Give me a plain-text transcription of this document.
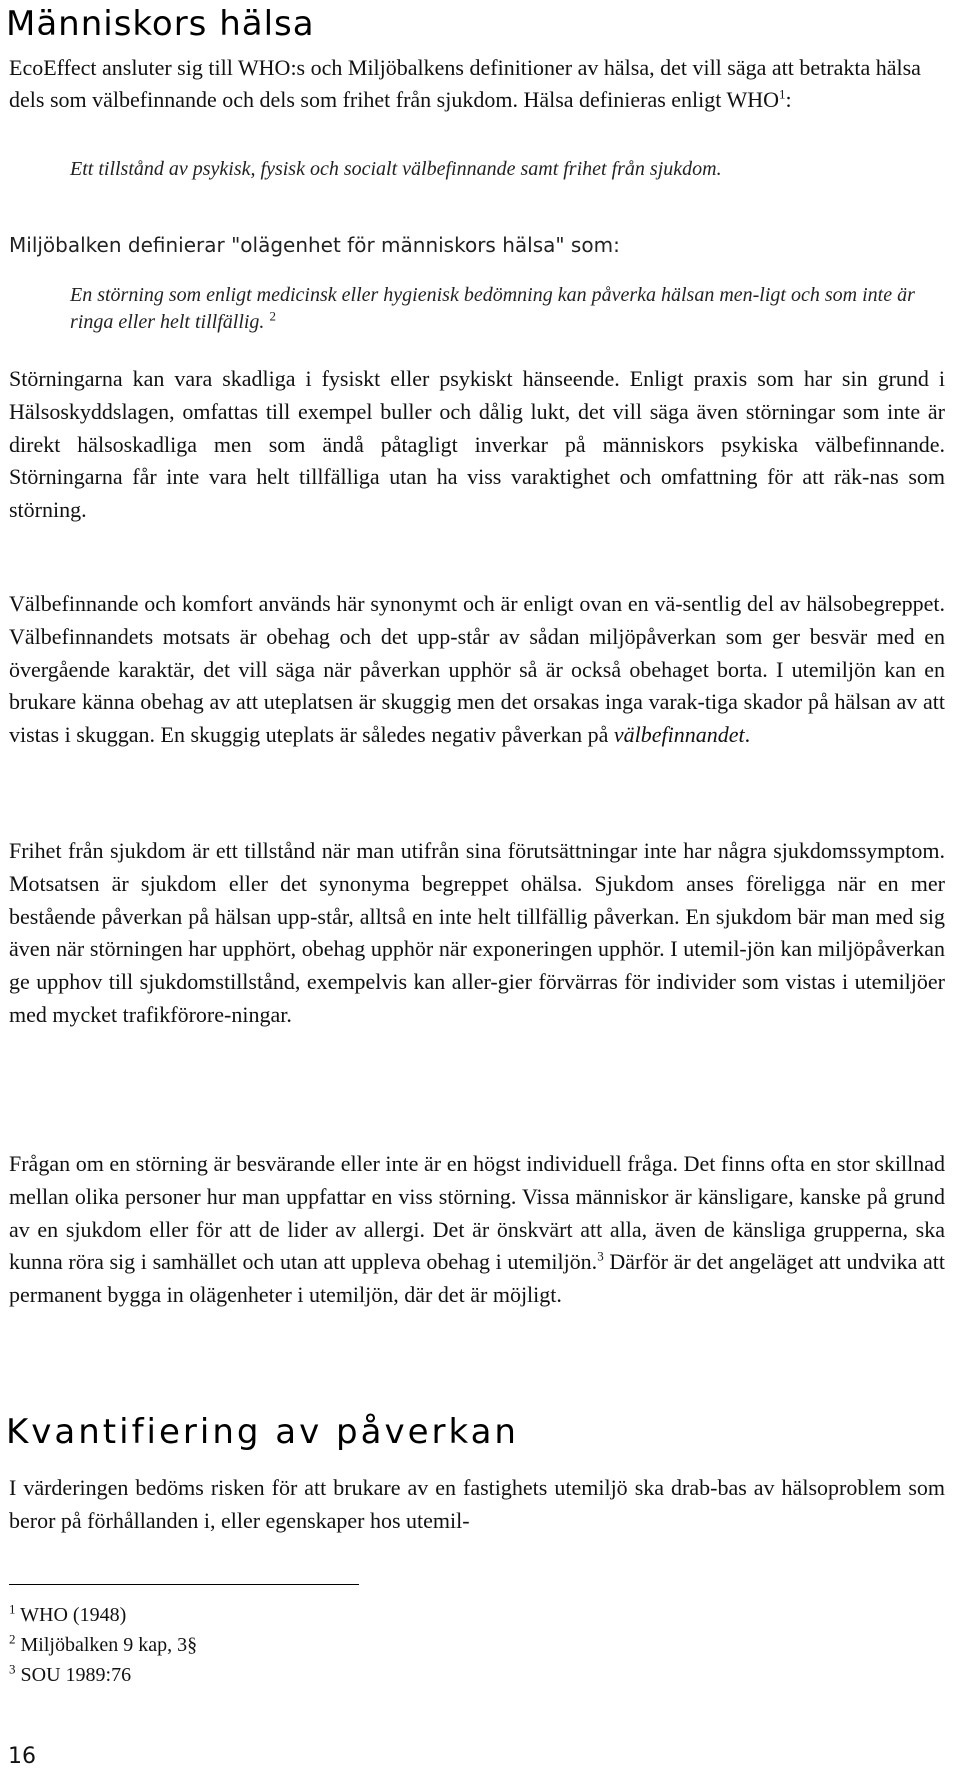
Människors hälsa

EcoEffect ansluter sig till WHO:s och Miljöbalkens definitioner av hälsa, det vill säga att betrakta hälsa dels som välbefinnande och dels som frihet från sjukdom. Hälsa definieras enligt WHO$^1$:

Ett tillstånd av psykisk, fysisk och socialt välbefinnande samt frihet från sjukdom.

Miljöbalken definierar "olägenhet för människors hälsa" som:

En störning som enligt medicinsk eller hygienisk bedömning kan påverka hälsan men-ligt och som inte är ringa eller helt tillfällig. $^2$

Störningarna kan vara skadliga i fysiskt eller psykiskt hänseende. Enligt praxis som har sin grund i Hälsoskyddslagen, omfattas till exempel buller och dålig lukt, det vill säga även störningar som inte är direkt hälsoskadliga men som ändå påtagligt inverkar på människors psykiska välbefinnande. Störningarna får inte vara helt tillfälliga utan ha viss varaktighet och omfattning för att räk-nas som störning.

Välbefinnande och komfort används här synonymt och är enligt ovan en vä-sentlig del av hälsobegreppet. Välbefinnandets motsats är obehag och det upp-står av sådan miljöpåverkan som ger besvär med en övergående karaktär, det vill säga när påverkan upphör så är också obehaget borta. I utemiljön kan en brukare känna obehag av att uteplatsen är skuggig men det orsakas inga varak-tiga skador på hälsan av att vistas i skuggan. En skuggig uteplats är således negativ påverkan på välbefinnandet.

Frihet från sjukdom är ett tillstånd när man utifrån sina förutsättningar inte har några sjukdomssymptom. Motsatsen är sjukdom eller det synonyma begreppet ohälsa. Sjukdom anses föreligga när en mer bestående påverkan på hälsan upp-står, alltså en inte helt tillfällig påverkan. En sjukdom bär man med sig även när störningen har upphört, obehag upphör när exponeringen upphör. I utemil-jön kan miljöpåverkan ge upphov till sjukdomstillstånd, exempelvis kan aller-gier förvärras för individer som vistas i utemiljöer med mycket trafikförore-ningar.

Frågan om en störning är besvärande eller inte är en högst individuell fråga. Det finns ofta en stor skillnad mellan olika personer hur man uppfattar en viss störning. Vissa människor är känsligare, kanske på grund av en sjukdom eller för att de lider av allergi. Det är önskvärt att alla, även de känsliga grupperna, ska kunna röra sig i samhället och utan att uppleva obehag i utemiljön.$^3$ Därför är det angeläget att undvika att permanent bygga in olägenheter i utemiljön, där det är möjligt.

Kvantifiering av påverkan

I värderingen bedöms risken för att brukare av en fastighets utemiljö ska drab-bas av hälsoproblem som beror på förhållanden i, eller egenskaper hos utemil-

$^1$ WHO (1948)

$^2$ Miljöbalken 9 kap, 3§

$^3$ SOU 1989:76

16
